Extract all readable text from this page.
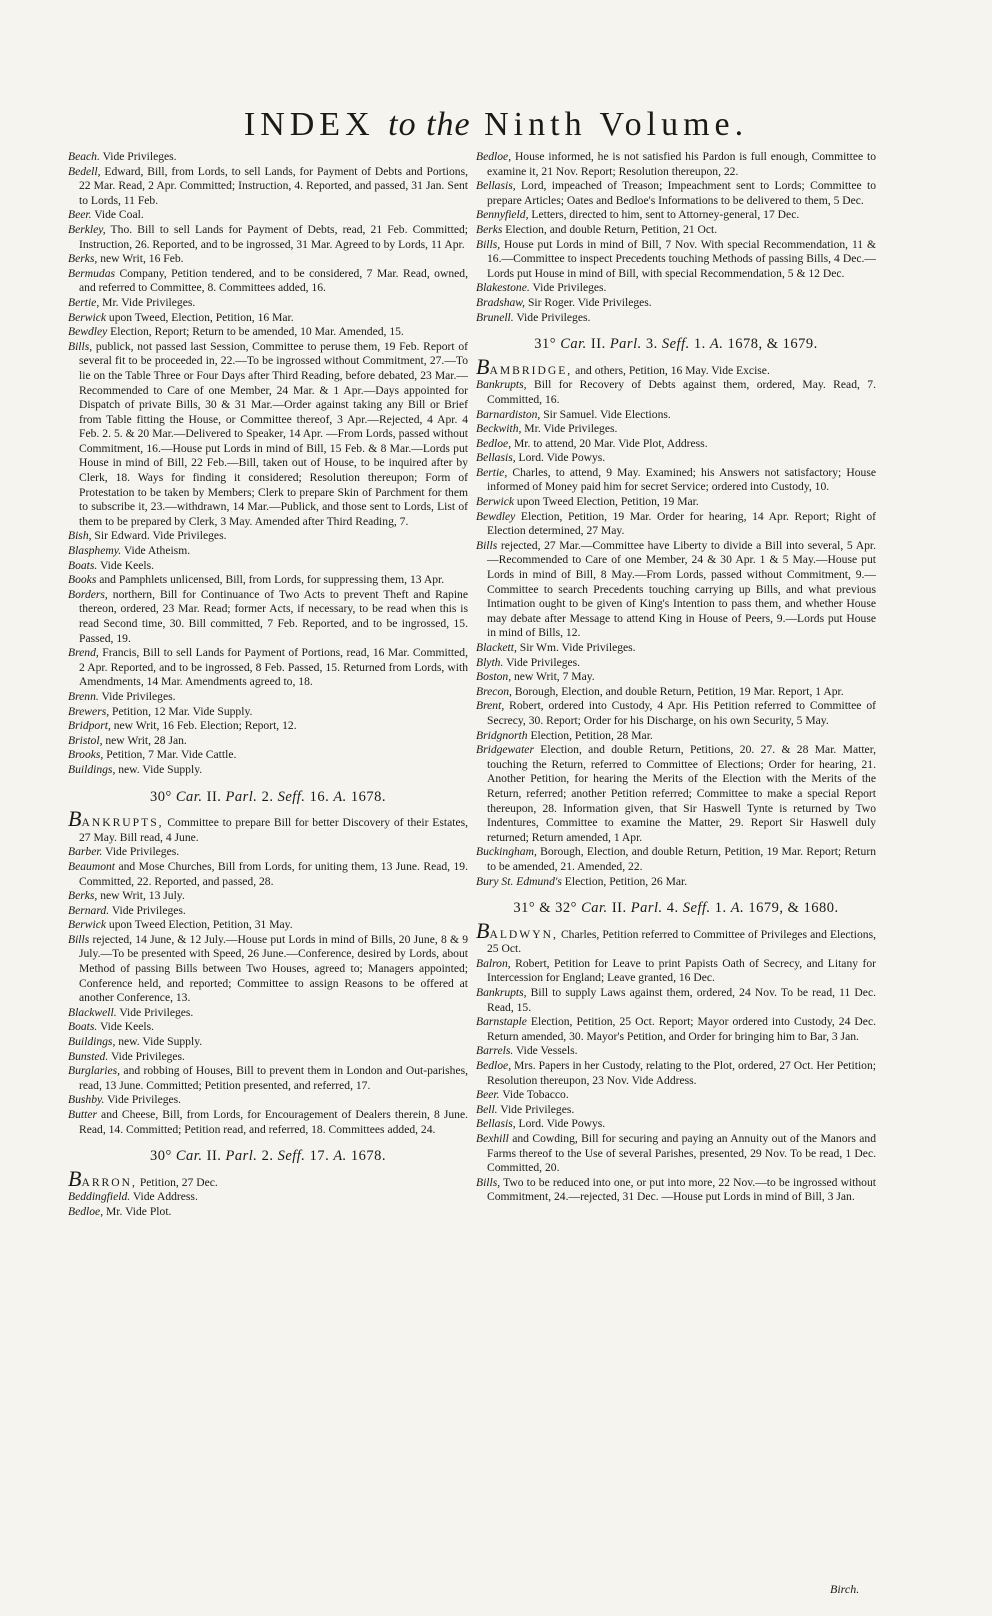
INDEX to the Ninth Volume.

Beach. Vide Privileges.

Bedell, Edward, Bill, from Lords, to sell Lands, for Payment of Debts and Portions, 22 Mar. Read, 2 Apr. Committed; Instruction, 4. Reported, and passed, 31 Jan. Sent to Lords, 11 Feb.

Beer. Vide Coal.

Berkley, Tho. Bill to sell Lands for Payment of Debts, read, 21 Feb. Committed; Instruction, 26. Reported, and to be ingrossed, 31 Mar. Agreed to by Lords, 11 Apr.

Berks, new Writ, 16 Feb.

Bermudas Company, Petition tendered, and to be considered, 7 Mar. Read, owned, and referred to Committee, 8. Committees added, 16.

Bertie, Mr. Vide Privileges.

Berwick upon Tweed, Election, Petition, 16 Mar.

Bewdley Election, Report; Return to be amended, 10 Mar. Amended, 15.

Bills, publick, not passed last Session, Committee to peruse them, 19 Feb. Report of several fit to be proceeded in, 22.—To be ingrossed without Commitment, 27.—To lie on the Table Three or Four Days after Third Reading, before debated, 23 Mar.—Recommended to Care of one Member, 24 Mar. & 1 Apr.—Days appointed for Dispatch of private Bills, 30 & 31 Mar.—Order against taking any Bill or Brief from Table fitting the House, or Committee thereof, 3 Apr.—Rejected, 4 Apr. 4 Feb. 2. 5. & 20 Mar.—Delivered to Speaker, 14 Apr. —From Lords, passed without Commitment, 16.—House put Lords in mind of Bill, 15 Feb. & 8 Mar.—Lords put House in mind of Bill, 22 Feb.—Bill, taken out of House, to be inquired after by Clerk, 18. Ways for finding it considered; Resolution thereupon; Form of Protestation to be taken by Members; Clerk to prepare Skin of Parchment for them to subscribe it, 23.—withdrawn, 14 Mar.—Publick, and those sent to Lords, List of them to be prepared by Clerk, 3 May. Amended after Third Reading, 7.

Bish, Sir Edward. Vide Privileges.

Blasphemy. Vide Atheism.

Boats. Vide Keels.

Books and Pamphlets unlicensed, Bill, from Lords, for suppressing them, 13 Apr.

Borders, northern, Bill for Continuance of Two Acts to prevent Theft and Rapine thereon, ordered, 23 Mar. Read; former Acts, if necessary, to be read when this is read Second time, 30. Bill committed, 7 Feb. Reported, and to be ingrossed, 15. Passed, 19.

Brend, Francis, Bill to sell Lands for Payment of Portions, read, 16 Mar. Committed, 2 Apr. Reported, and to be ingrossed, 8 Feb. Passed, 15. Returned from Lords, with Amendments, 14 Mar. Amendments agreed to, 18.

Brenn. Vide Privileges.

Brewers, Petition, 12 Mar. Vide Supply.

Bridport, new Writ, 16 Feb. Election; Report, 12.

Bristol, new Writ, 28 Jan.

Brooks, Petition, 7 Mar. Vide Cattle.

Buildings, new. Vide Supply.

30° Car. II. Parl. 2. Seff. 16. A. 1678.

BANKRUPTS, Committee to prepare Bill for better Discovery of their Estates, 27 May. Bill read, 4 June.

Barber. Vide Privileges.

Beaumont and Mose Churches, Bill from Lords, for uniting them, 13 June. Read, 19. Committed, 22. Reported, and passed, 28.

Berks, new Writ, 13 July.

Bernard. Vide Privileges.

Berwick upon Tweed Election, Petition, 31 May.

Bills rejected, 14 June, & 12 July.—House put Lords in mind of Bills, 20 June, 8 & 9 July.—To be presented with Speed, 26 June.—Conference, desired by Lords, about Method of passing Bills between Two Houses, agreed to; Managers appointed; Conference held, and reported; Committee to assign Reasons to be offered at another Conference, 13.

Blackwell. Vide Privileges.

Boats. Vide Keels.

Buildings, new. Vide Supply.

Bunsted. Vide Privileges.

Burglaries, and robbing of Houses, Bill to prevent them in London and Out-parishes, read, 13 June. Committed; Petition presented, and referred, 17.

Bushby. Vide Privileges.

Butter and Cheese, Bill, from Lords, for Encouragement of Dealers therein, 8 June. Read, 14. Committed; Petition read, and referred, 18. Committees added, 24.

30° Car. II. Parl. 2. Seff. 17. A. 1678.

BARRON, Petition, 27 Dec.

Beddingfield. Vide Address.

Bedloe, Mr. Vide Plot.

Bedloe, House informed, he is not satisfied his Pardon is full enough, Committee to examine it, 21 Nov. Report; Resolution thereupon, 22.

Bellasis, Lord, impeached of Treason; Impeachment sent to Lords; Committee to prepare Articles; Oates and Bedloe's Informations to be delivered to them, 5 Dec.

Bennyfield, Letters, directed to him, sent to Attorney-general, 17 Dec.

Berks Election, and double Return, Petition, 21 Oct.

Bills, House put Lords in mind of Bill, 7 Nov. With special Recommendation, 11 & 16.—Committee to inspect Precedents touching Methods of passing Bills, 4 Dec.—Lords put House in mind of Bill, with special Recommendation, 5 & 12 Dec.

Blakestone. Vide Privileges.

Bradshaw, Sir Roger. Vide Privileges.

Brunell. Vide Privileges.

31° Car. II. Parl. 3. Seff. 1. A. 1678, & 1679.

BAMBRIDGE, and others, Petition, 16 May. Vide Excise.

Bankrupts, Bill for Recovery of Debts against them, ordered, May. Read, 7. Committed, 16.

Barnardiston, Sir Samuel. Vide Elections.

Beckwith, Mr. Vide Privileges.

Bedloe, Mr. to attend, 20 Mar. Vide Plot, Address.

Bellasis, Lord. Vide Powys.

Bertie, Charles, to attend, 9 May. Examined; his Answers not satisfactory; House informed of Money paid him for secret Service; ordered into Custody, 10.

Berwick upon Tweed Election, Petition, 19 Mar.

Bewdley Election, Petition, 19 Mar. Order for hearing, 14 Apr. Report; Right of Election determined, 27 May.

Bills rejected, 27 Mar.—Committee have Liberty to divide a Bill into several, 5 Apr.—Recommended to Care of one Member, 24 & 30 Apr. 1 & 5 May.—House put Lords in mind of Bill, 8 May.—From Lords, passed without Commitment, 9.—Committee to search Precedents touching carrying up Bills, and what previous Intimation ought to be given of King's Intention to pass them, and whether House may debate after Message to attend King in House of Peers, 9.—Lords put House in mind of Bills, 12.

Blackett, Sir Wm. Vide Privileges.

Blyth. Vide Privileges.

Boston, new Writ, 7 May.

Brecon, Borough, Election, and double Return, Petition, 19 Mar. Report, 1 Apr.

Brent, Robert, ordered into Custody, 4 Apr. His Petition referred to Committee of Secrecy, 30. Report; Order for his Discharge, on his own Security, 5 May.

Bridgnorth Election, Petition, 28 Mar.

Bridgewater Election, and double Return, Petitions, 20. 27. & 28 Mar. Matter, touching the Return, referred to Committee of Elections; Order for hearing, 21. Another Petition, for hearing the Merits of the Election with the Merits of the Return, referred; another Petition referred; Committee to make a special Report thereupon, 28. Information given, that Sir Haswell Tynte is returned by Two Indentures, Committee to examine the Matter, 29. Report Sir Haswell duly returned; Return amended, 1 Apr.

Buckingham, Borough, Election, and double Return, Petition, 19 Mar. Report; Return to be amended, 21. Amended, 22.

Bury St. Edmund's Election, Petition, 26 Mar.

31° & 32° Car. II. Parl. 4. Seff. 1. A. 1679, & 1680.

BALDWYN, Charles, Petition referred to Committee of Privileges and Elections, 25 Oct.

Balron, Robert, Petition for Leave to print Papists Oath of Secrecy, and Litany for Intercession for England; Leave granted, 16 Dec.

Bankrupts, Bill to supply Laws against them, ordered, 24 Nov. To be read, 11 Dec. Read, 15.

Barnstaple Election, Petition, 25 Oct. Report; Mayor ordered into Custody, 24 Dec. Return amended, 30. Mayor's Petition, and Order for bringing him to Bar, 3 Jan.

Barrels. Vide Vessels.

Bedloe, Mrs. Papers in her Custody, relating to the Plot, ordered, 27 Oct. Her Petition; Resolution thereupon, 23 Nov. Vide Address.

Beer. Vide Tobacco.

Bell. Vide Privileges.

Bellasis, Lord. Vide Powys.

Bexhill and Cowding, Bill for securing and paying an Annuity out of the Manors and Farms thereof to the Use of several Parishes, presented, 29 Nov. To be read, 1 Dec. Committed, 20.

Bills, Two to be reduced into one, or put into more, 22 Nov.—to be ingrossed without Commitment, 24.—rejected, 31 Dec. —House put Lords in mind of Bill, 3 Jan.

Birch.
